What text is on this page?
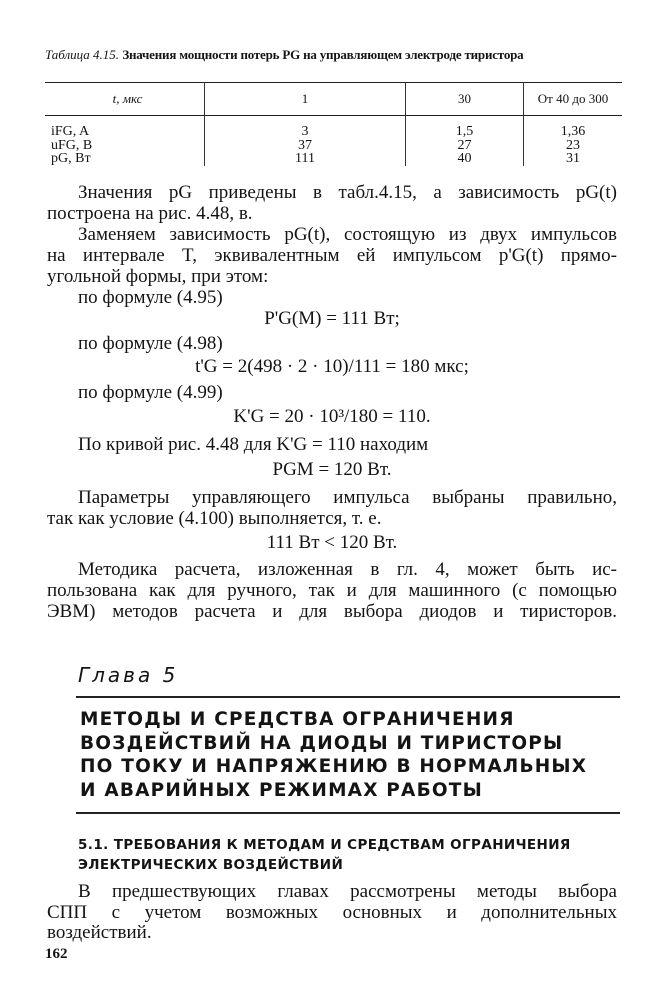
Таблица 4.15. Значения мощности потерь PG на управляющем электроде тиристора
t, мкс	1	30	От 40 до 300
iFG, A	3	1,5	1,36
uFG, B	37	27	23
pG, Вт	111	40	31
Значения pG приведены в табл.4.15, а зависимость pG(t)
построена на рис. 4.48, в.
Заменяем зависимость pG(t), состоящую из двух импульсов
на интервале T, эквивалентным ей импульсом p'G(t) прямо-
угольной формы, при этом:
по формуле (4.95)
P'G(M) = 111 Вт;
по формуле (4.98)
t'G = 2(498 · 2 · 10)/111 = 180 мкс;
по формуле (4.99)
K'G = 20 · 10³/180 = 110.
По кривой рис. 4.48 для K'G = 110 находим
PGM = 120 Вт.
Параметры управляющего импульса выбраны правильно,
так как условие (4.100) выполняется, т. е.
111 Вт < 120 Вт.
Методика расчета, изложенная в гл. 4, может быть ис-
пользована как для ручного, так и для машинного (с помощью
ЭВМ) методов расчета и для выбора диодов и тиристоров.
Глава 5
МЕТОДЫ И СРЕДСТВА ОГРАНИЧЕНИЯ
ВОЗДЕЙСТВИЙ НА ДИОДЫ И ТИРИСТОРЫ
ПО ТОКУ И НАПРЯЖЕНИЮ В НОРМАЛЬНЫХ
И АВАРИЙНЫХ РЕЖИМАХ РАБОТЫ
5.1. ТРЕБОВАНИЯ К МЕТОДАМ И СРЕДСТВАМ ОГРАНИЧЕНИЯ
ЭЛЕКТРИЧЕСКИХ ВОЗДЕЙСТВИЙ
В предшествующих главах рассмотрены методы выбора
СПП с учетом возможных основных и дополнительных
воздействий.
162
